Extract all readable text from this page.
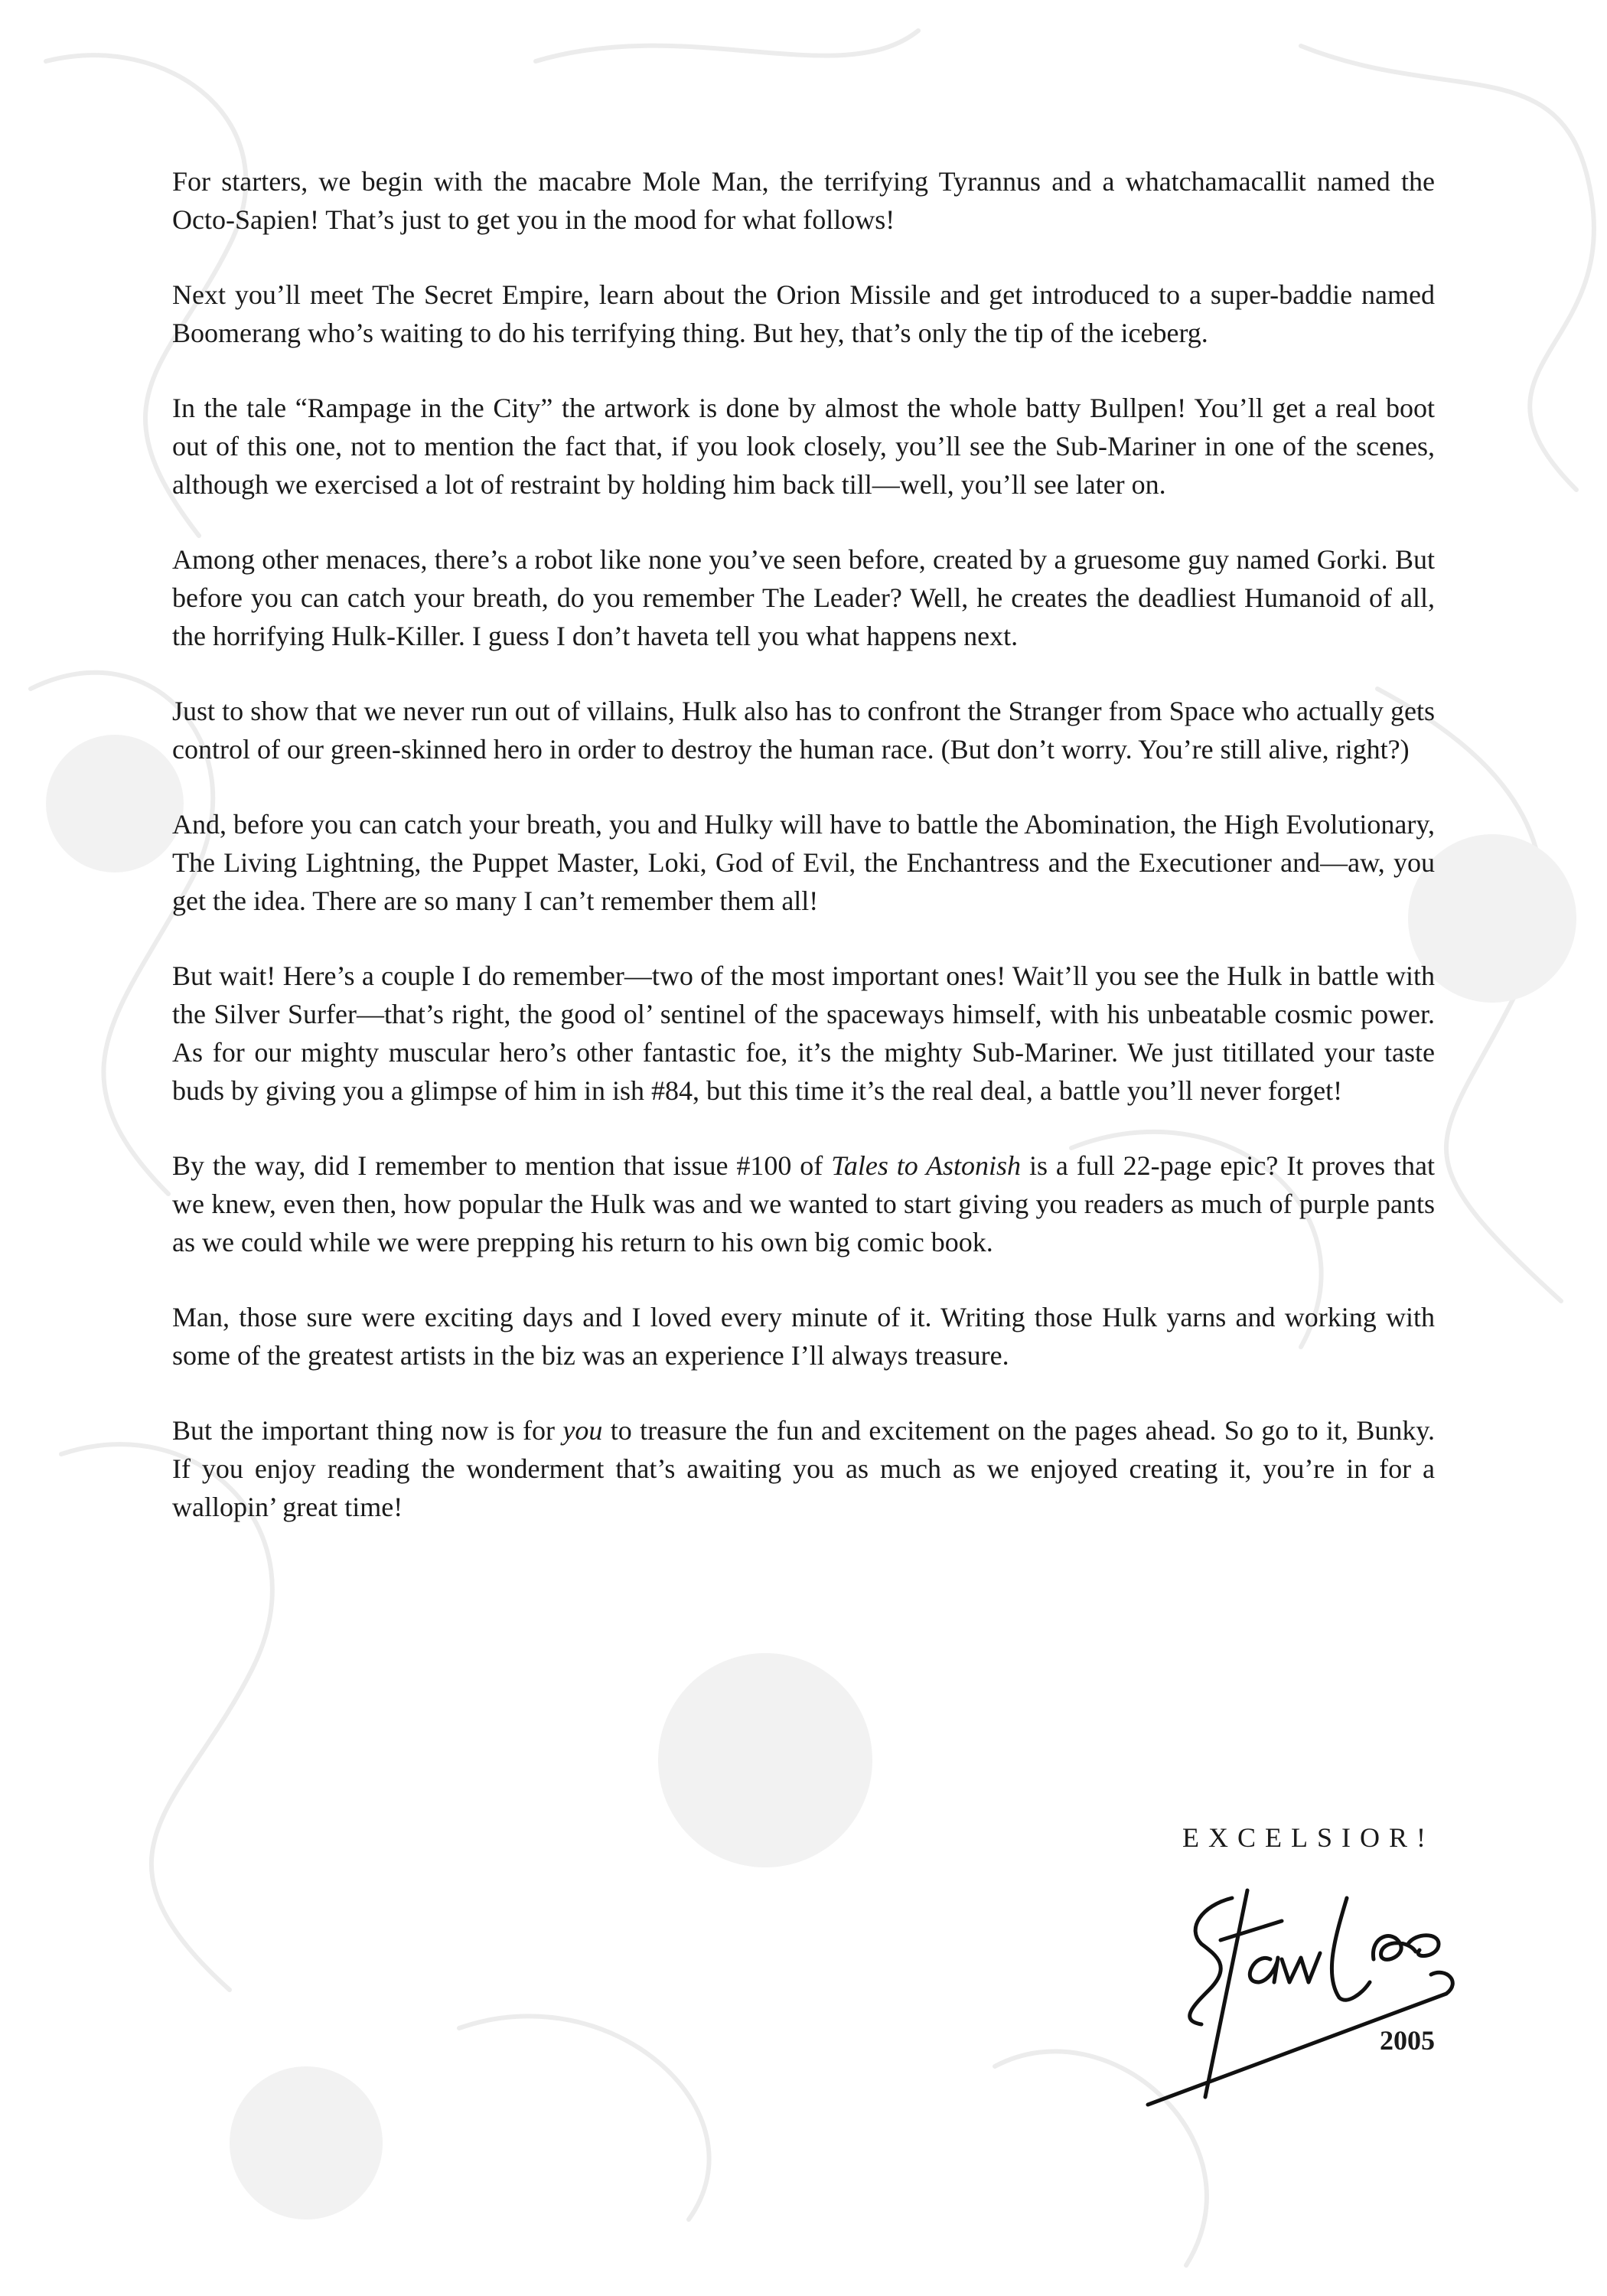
For starters, we begin with the macabre Mole Man, the terrifying Tyrannus and a whatchamacallit named the Octo-Sapien! That’s just to get you in the mood for what follows!

Next you’ll meet The Secret Empire, learn about the Orion Missile and get introduced to a super-baddie named Boomerang who’s waiting to do his terrifying thing. But hey, that’s only the tip of the iceberg.

In the tale “Rampage in the City” the artwork is done by almost the whole batty Bullpen! You’ll get a real boot out of this one, not to mention the fact that, if you look closely, you’ll see the Sub-Mariner in one of the scenes, although we exercised a lot of restraint by holding him back till—well, you’ll see later on.

Among other menaces, there’s a robot like none you’ve seen before, created by a gruesome guy named Gorki. But before you can catch your breath, do you remember The Leader? Well, he creates the deadliest Humanoid of all, the horrifying Hulk-Killer. I guess I don’t haveta tell you what happens next.

Just to show that we never run out of villains, Hulk also has to confront the Stranger from Space who actually gets control of our green-skinned hero in order to destroy the human race. (But don’t worry. You’re still alive, right?)

And, before you can catch your breath, you and Hulky will have to battle the Abomination, the High Evolutionary, The Living Lightning, the Puppet Master, Loki, God of Evil, the Enchantress and the Executioner and—aw, you get the idea. There are so many I can’t remember them all!

But wait! Here’s a couple I do remember—two of the most important ones! Wait’ll you see the Hulk in battle with the Silver Surfer—that’s right, the good ol’ sentinel of the spaceways himself, with his unbeatable cosmic power. As for our mighty muscular hero’s other fantastic foe, it’s the mighty Sub-Mariner. We just titillated your taste buds by giving you a glimpse of him in ish #84, but this time it’s the real deal, a battle you’ll never forget!

By the way, did I remember to mention that issue #100 of Tales to Astonish is a full 22-page epic? It proves that we knew, even then, how popular the Hulk was and we wanted to start giving you readers as much of purple pants as we could while we were prepping his return to his own big comic book.

Man, those sure were exciting days and I loved every minute of it. Writing those Hulk yarns and working with some of the greatest artists in the biz was an experience I’ll always treasure.

But the important thing now is for you to treasure the fun and excitement on the pages ahead. So go to it, Bunky. If you enjoy reading the wonderment that’s awaiting you as much as we enjoyed creating it, you’re in for a wallopin’ great time!

EXCELSIOR!
2005
